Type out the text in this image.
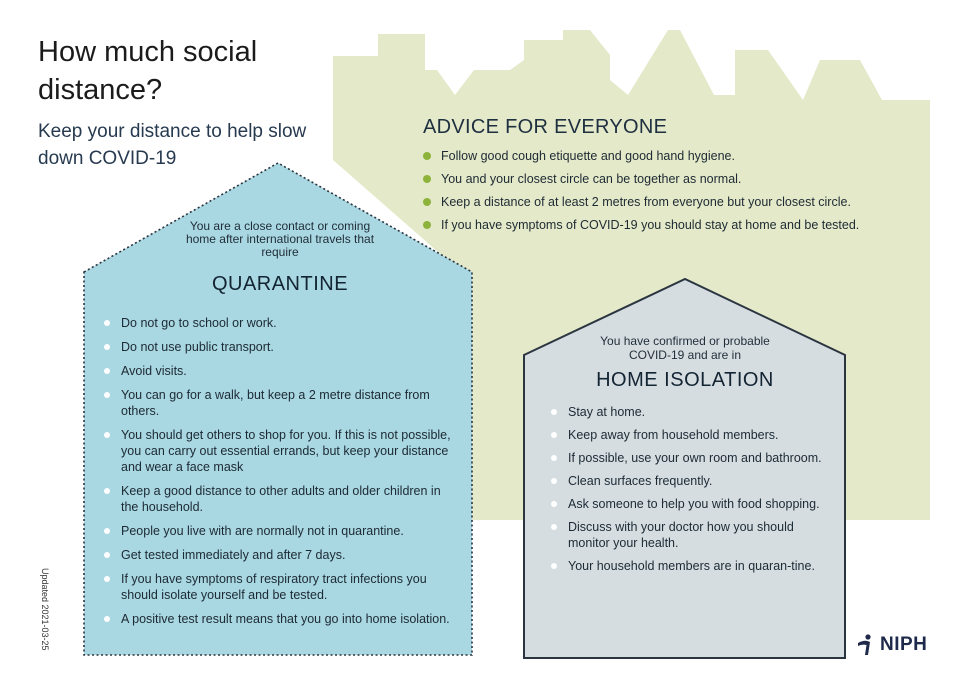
How much social distance?
Keep your distance to help slow down COVID-19
ADVICE FOR EVERYONE
Follow good cough etiquette and good hand hygiene.
You and your closest circle can be together as normal.
Keep a distance of at least 2 metres from everyone but your closest circle.
If you have symptoms of COVID-19 you should stay at home and be tested.
You are a close contact or coming home after international travels that require
QUARANTINE
Do not go to school or work.
Do not use public transport.
Avoid visits.
You can go for a walk, but keep a 2 metre distance from others.
You should get others to shop for you. If this is not possible, you can carry out essential errands, but keep your distance and wear a face mask
Keep a good distance to other adults and older children in the household.
People you live with are normally not in quarantine.
Get tested immediately and after 7 days.
If you have symptoms of respiratory tract infections you should isolate yourself and be tested.
A positive test result means that you go into home isolation.
You have confirmed or probable COVID-19 and are in
HOME ISOLATION
Stay at home.
Keep away from household members.
If possible, use your own room and bathroom.
Clean surfaces frequently.
Ask someone to help you with food shopping.
Discuss with your doctor how you should monitor your health.
Your household members are in quaran-tine.
Updated 2021-03-25	NIPH
